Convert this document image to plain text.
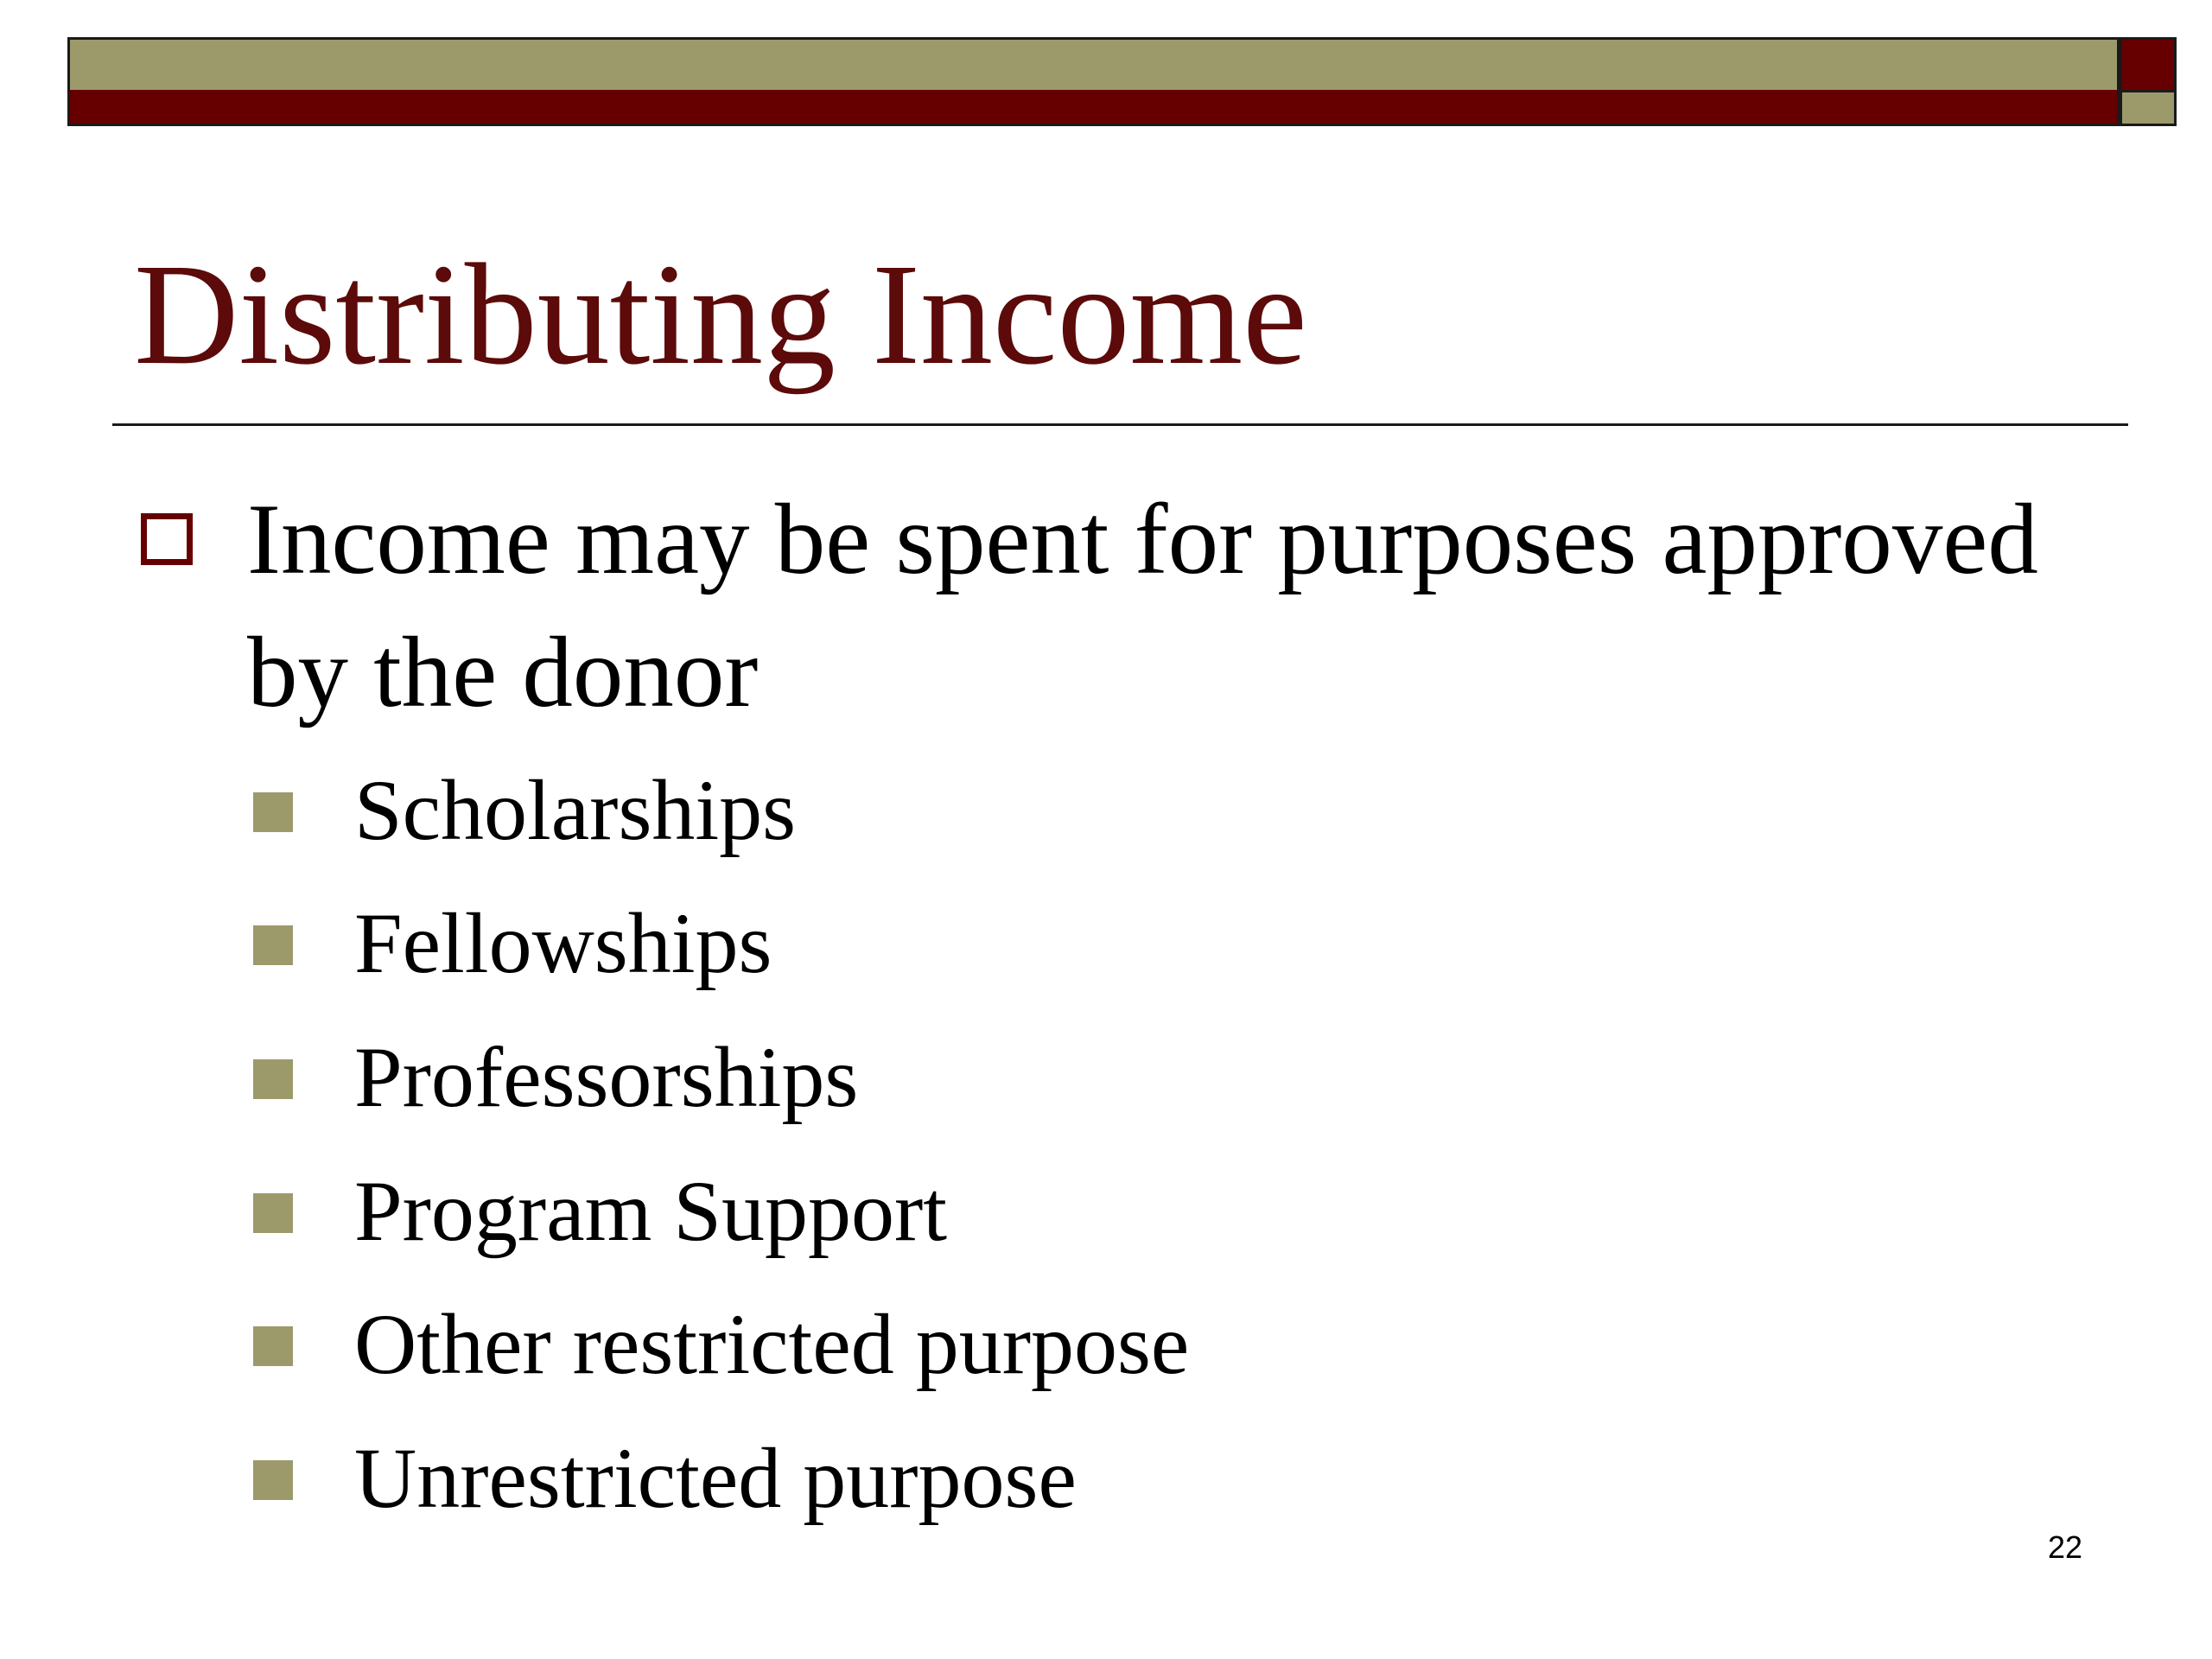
Distributing Income
Income may be spent for purposes approved by the donor
Scholarships
Fellowships
Professorships
Program Support
Other restricted purpose
Unrestricted purpose
22
